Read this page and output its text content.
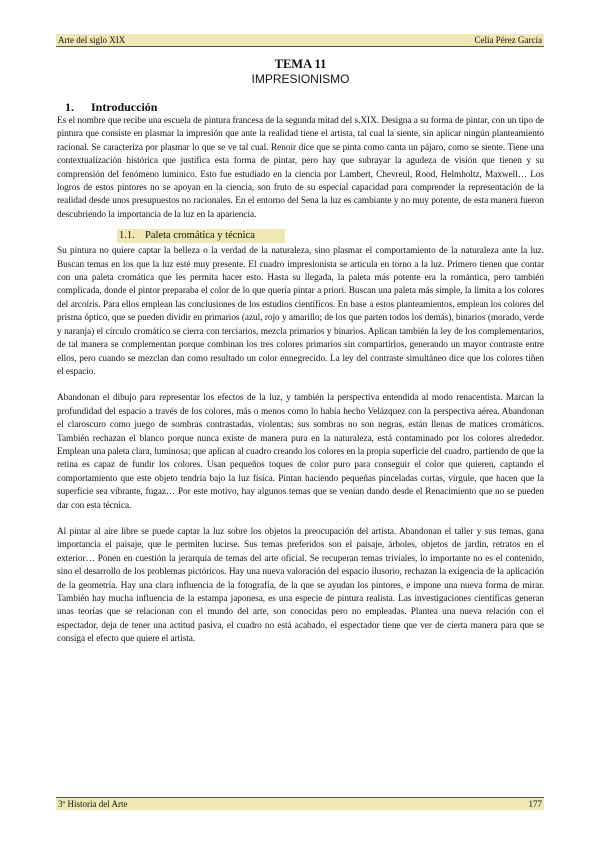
Arte del siglo XIX	Celia Pérez García
TEMA 11
IMPRESIONISMO
1. Introducción

Es el nombre que recibe una escuela de pintura francesa de la segunda mitad del s.XIX. Designa a su forma de pintar, con un tipo de pintura que consiste en plasmar la impresión que ante la realidad tiene el artista, tal cual la siente, sin aplicar ningún planteamiento racional. Se caracteriza por plasmar lo que se ve tal cual. Renoir dice que se pinta como canta un pájaro, como se siente. Tiene una contextualización histórica que justifica esta forma de pintar, pero hay que subrayar la agudeza de visión que tienen y su comprensión del fenómeno lumínico. Esto fue estudiado en la ciencia por Lambert, Chevreul, Rood, Helmholtz, Maxwell… Los logros de estos pintores no se apoyan en la ciencia, son fruto de su especial capacidad para comprender la representación de la realidad desde unos presupuestos no racionales. En el entorno del Sena la luz es cambiante y no muy potente, de esta manera fueron descubriendo la importancia de la luz en la apariencia.

1.1. Paleta cromática y técnica

Su pintura no quiere captar la belleza o la verdad de la naturaleza, sino plasmar el comportamiento de la naturaleza ante la luz. Buscan temas en los que la luz esté muy presente. El cuadro impresionista se articula en torno a la luz. Primero tienen que contar con una paleta cromática que les permita hacer esto. Hasta su llegada, la paleta más potente era la romántica, pero también complicada, donde el pintor preparaba el color de lo que quería pintar a priori. Buscan una paleta más simple, la limita a los colores del arcoíris. Para ellos emplean las conclusiones de los estudios científicos. En base a estos planteamientos, emplean los colores del prisma óptico, que se pueden dividir en primarios (azul, rojo y amarillo; de los que parten todos los demás), binarios (morado, verde y naranja) el círculo cromático se cierra con terciarios, mezcla primarios y binarios. Aplican también la ley de los complementarios, de tal manera se complementan porque combinan los tres colores primarios sin compartirlos, generando un mayor contraste entre ellos, pero cuando se mezclan dan como resultado un color ennegrecido. La ley del contraste simultáneo dice que los colores tiñen el espacio.

Abandonan el dibujo para representar los efectos de la luz, y también la perspectiva entendida al modo renacentista. Marcan la profundidad del espacio a través de los colores, más o menos como lo había hecho Velázquez con la perspectiva aérea. Abandonan el claroscuro como juego de sombras contrastadas, violentas; sus sombras no son negras, están llenas de matices cromáticos. También rechazan el blanco porque nunca existe de manera pura en la naturaleza, está contaminado por los colores alrededor. Emplean una paleta clara, luminosa; que aplican al cuadro creando los colores en la propia superficie del cuadro, partiendo de que la retina es capaz de fundir los colores. Usan pequeños toques de color puro para conseguir el color que quieren, captando el comportamiento que este objeto tendría bajo la luz física. Pintan haciendo pequeñas pinceladas cortas, vírgule, que hacen que la superficie sea vibrante, fugaz… Por este motivo, hay algunos temas que se venían dando desde el Renacimiento que no se pueden dar con esta técnica.

Al pintar al aire libre se puede captar la luz sobre los objetos la preocupación del artista. Abandonan el taller y sus temas, gana importancia el paisaje, que le permiten lucirse. Sus temas preferidos son el paisaje, árboles, objetos de jardín, retratos en el exterior… Ponen en cuestión la jerarquía de temas del arte oficial. Se recuperan temas triviales, lo importante no es el contenido, sino el desarrollo de los problemas pictóricos. Hay una nueva valoración del espacio ilusorio, rechazan la exigencia de la aplicación de la geometría. Hay una clara influencia de la fotografía, de la que se ayudan los pintores, e impone una nueva forma de mirar. También hay mucha influencia de la estampa japonesa, es una especie de pintura realista. Las investigaciones científicas generan unas teorías que se relacionan con el mundo del arte, son conocidas pero no empleadas. Plantea una nueva relación con el espectador, deja de tener una actitud pasiva, el cuadro no está acabado, el espectador tiene que ver de cierta manera para que se consiga el efecto que quiere el artista.

3º Historia del Arte	177
